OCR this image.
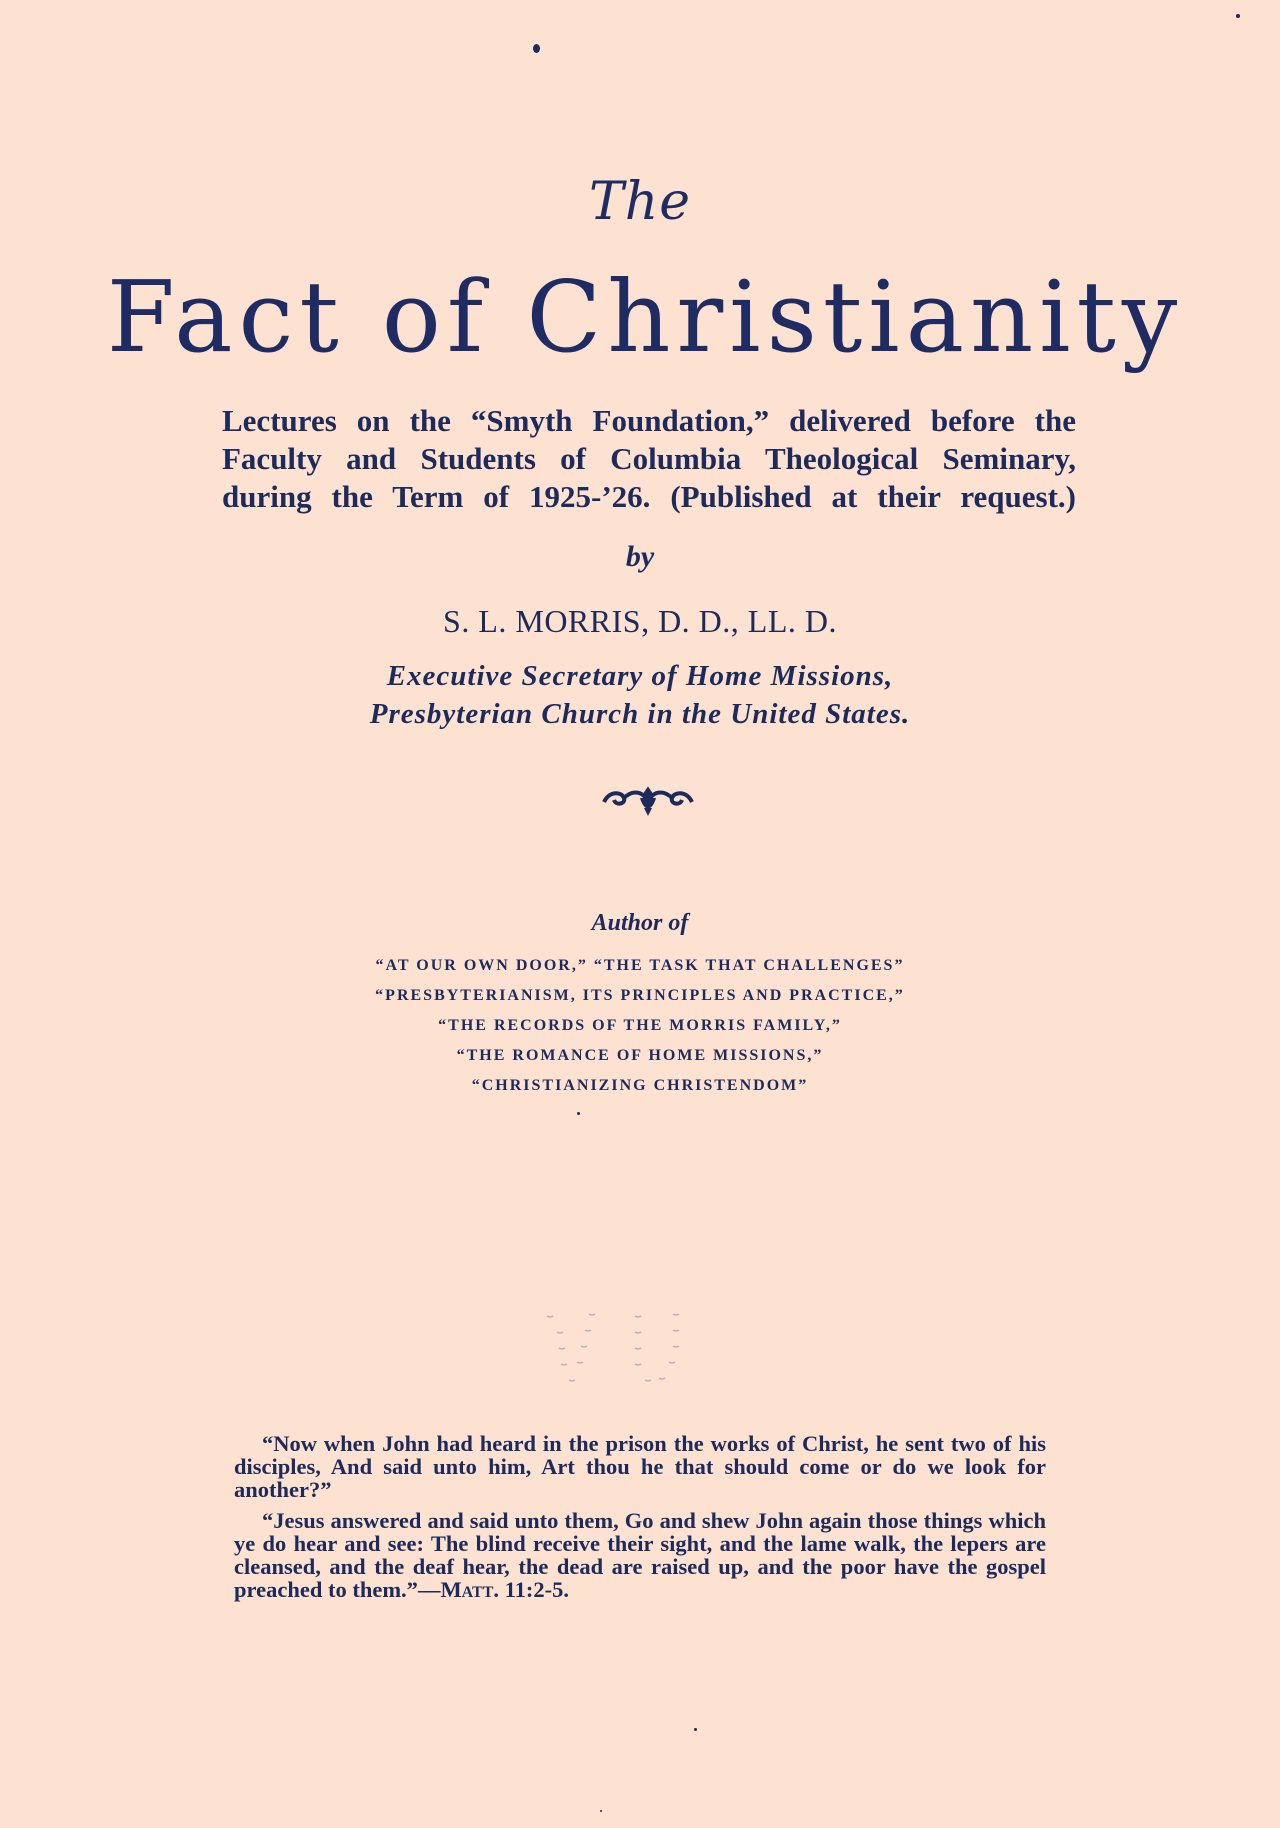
The
Fact of Christianity
Lectures on the “Smyth Foundation,” delivered before the
Faculty and Students of Columbia Theological Seminary,
during the Term of 1925-’26. (Published at their request.)
by
S. L. MORRIS, D. D., LL. D.
Executive Secretary of Home Missions,
Presbyterian Church in the United States.
Author of
“AT OUR OWN DOOR,” “THE TASK THAT CHALLENGES”
“PRESBYTERIANISM, ITS PRINCIPLES AND PRACTICE,”
“THE RECORDS OF THE MORRIS FAMILY,”
“THE ROMANCE OF HOME MISSIONS,”
“CHRISTIANIZING CHRISTENDOM”

“Now when John had heard in the prison the works of Christ, he sent two of his disciples, And said unto him, Art thou he that should come or do we look for another?”

“Jesus answered and said unto them, Go and shew John again those things which ye do hear and see: The blind receive their sight, and the lame walk, the lepers are cleansed, and the deaf hear, the dead are raised up, and the poor have the gospel preached to them.”—Matt. 11:2-5.
